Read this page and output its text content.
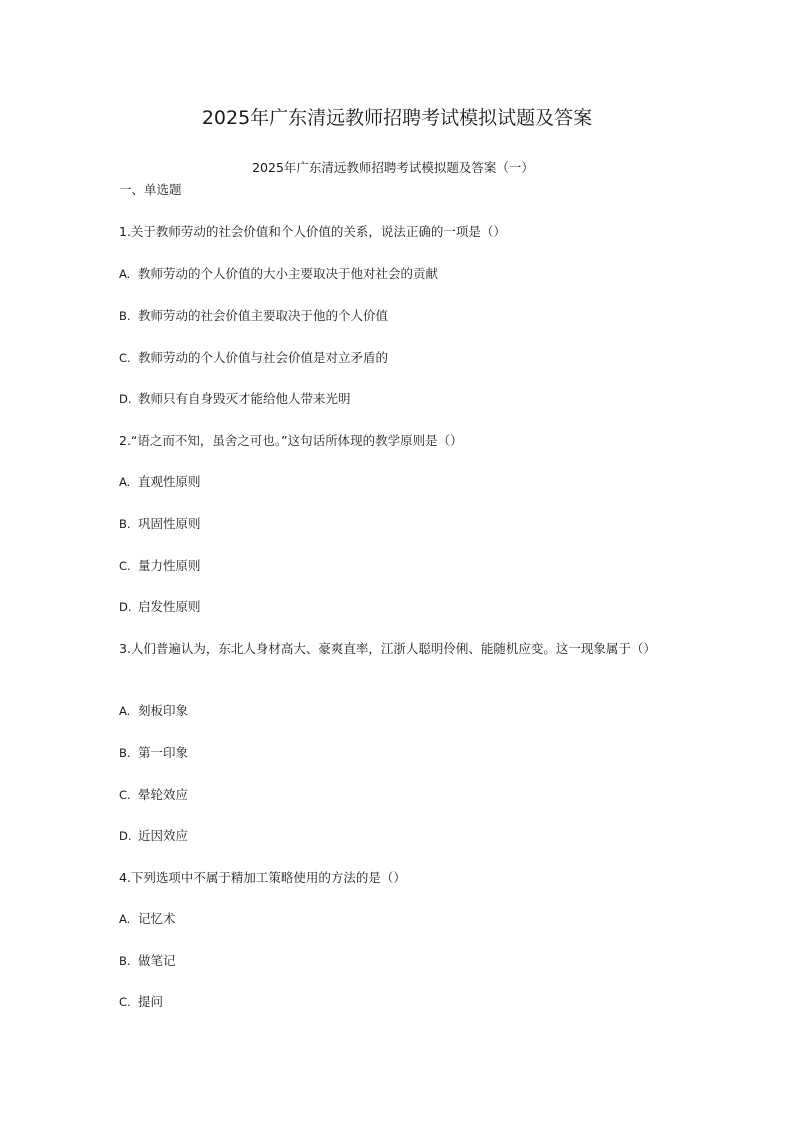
2025年广东清远教师招聘考试模拟试题及答案

2025年广东清远教师招聘考试模拟题及答案（一）

一、单选题

1.关于教师劳动的社会价值和个人价值的关系，说法正确的一项是（）

A. 教师劳动的个人价值的大小主要取决于他对社会的贡献

B. 教师劳动的社会价值主要取决于他的个人价值

C. 教师劳动的个人价值与社会价值是对立矛盾的

D. 教师只有自身毁灭才能给他人带来光明

2.“语之而不知，虽舍之可也。”这句话所体现的教学原则是（）

A. 直观性原则

B. 巩固性原则

C. 量力性原则

D. 启发性原则

3.人们普遍认为，东北人身材高大、豪爽直率，江浙人聪明伶俐、能随机应变。这一现象属于（）

A. 刻板印象

B. 第一印象

C. 晕轮效应

D. 近因效应

4.下列选项中不属于精加工策略使用的方法的是（）

A. 记忆术

B. 做笔记

C. 提问
